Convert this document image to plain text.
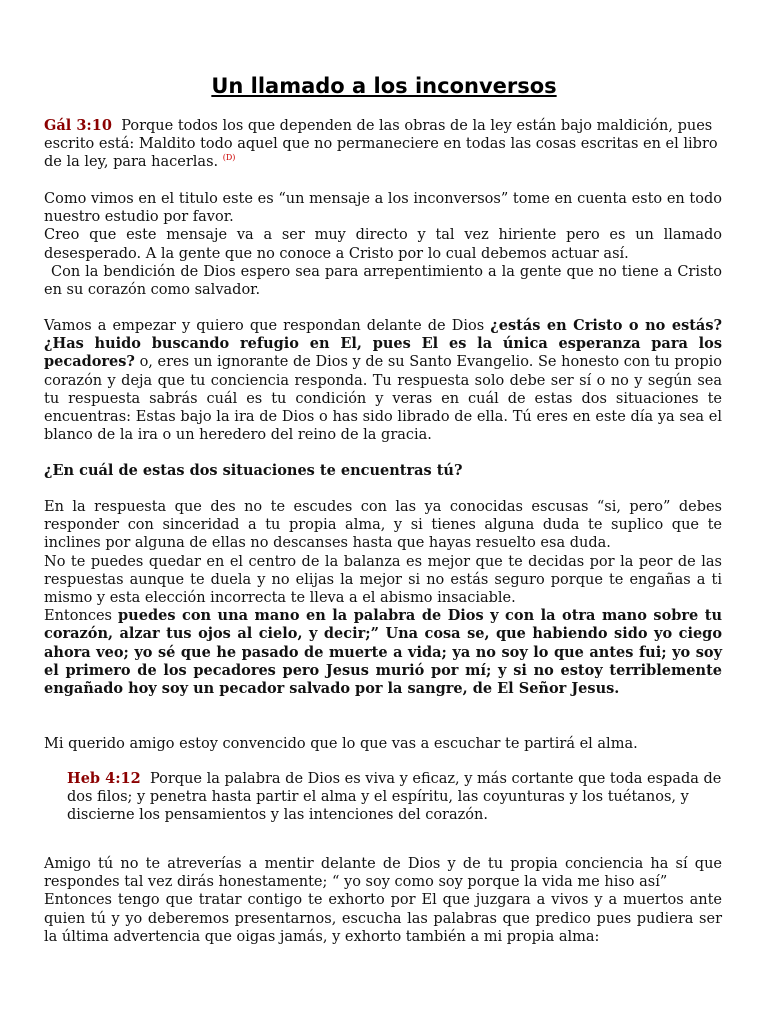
Un llamado a los inconversos

Gál 3:10 Porque todos los que dependen de las obras de la ley están bajo maldición, pues escrito está: Maldito todo aquel que no permaneciere en todas las cosas escritas en el libro de la ley, para hacerlas. $^{(D)}$

Como vimos en el titulo este es “un mensaje a los inconversos” tome en cuenta esto en todo nuestro estudio por favor.

Creo que este mensaje va a ser muy directo y tal vez hiriente pero es un llamado desesperado. A la gente que no conoce a Cristo por lo cual debemos actuar así.

Con la bendición de Dios espero sea para arrepentimiento a la gente que no tiene a Cristo en su corazón como salvador.

Vamos a empezar y quiero que respondan delante de Dios ¿estás en Cristo o no estás? ¿Has huido buscando refugio en El, pues El es la única esperanza para los pecadores? o, eres un ignorante de Dios y de su Santo Evangelio. Se honesto con tu propio corazón y deja que tu conciencia responda. Tu respuesta solo debe ser sí o no y según sea tu respuesta sabrás cuál es tu condición y veras en cuál de estas dos situaciones te encuentras: Estas bajo la ira de Dios o has sido librado de ella. Tú eres en este día ya sea el blanco de la ira o un heredero del reino de la gracia.

¿En cuál de estas dos situaciones te encuentras tú?

En la respuesta que des no te escudes con las ya conocidas escusas “si, pero” debes responder con sinceridad a tu propia alma, y si tienes alguna duda te suplico que te inclines por alguna de ellas no descanses hasta que hayas resuelto esa duda.

No te puedes quedar en el centro de la balanza es mejor que te decidas por la peor de las respuestas aunque te duela y no elijas la mejor si no estás seguro porque te engañas a ti mismo y esta elección incorrecta te lleva a el abismo insaciable.

Entonces puedes con una mano en la palabra de Dios y con la otra mano sobre tu corazón, alzar tus ojos al cielo, y decir;” Una cosa se, que habiendo sido yo ciego ahora veo; yo sé que he pasado de muerte a vida; ya no soy lo que antes fui; yo soy el primero de los pecadores pero Jesus murió por mí; y si no estoy terriblemente engañado hoy soy un pecador salvado por la sangre, de El Señor Jesus.

Mi querido amigo estoy convencido que lo que vas a escuchar te partirá el alma.

Heb 4:12 Porque la palabra de Dios es viva y eficaz, y más cortante que toda espada de dos filos; y penetra hasta partir el alma y el espíritu, las coyunturas y los tuétanos, y discierne los pensamientos y las intenciones del corazón.

Amigo tú no te atreverías a mentir delante de Dios y de tu propia conciencia ha sí que respondes tal vez dirás honestamente; “ yo soy como soy porque la vida me hiso así”

Entonces tengo que tratar contigo te exhorto por El que juzgara a vivos y a muertos ante quien tú y yo deberemos presentarnos, escucha las palabras que predico pues pudiera ser la última advertencia que oigas jamás, y exhorto también a mi propia alma:
